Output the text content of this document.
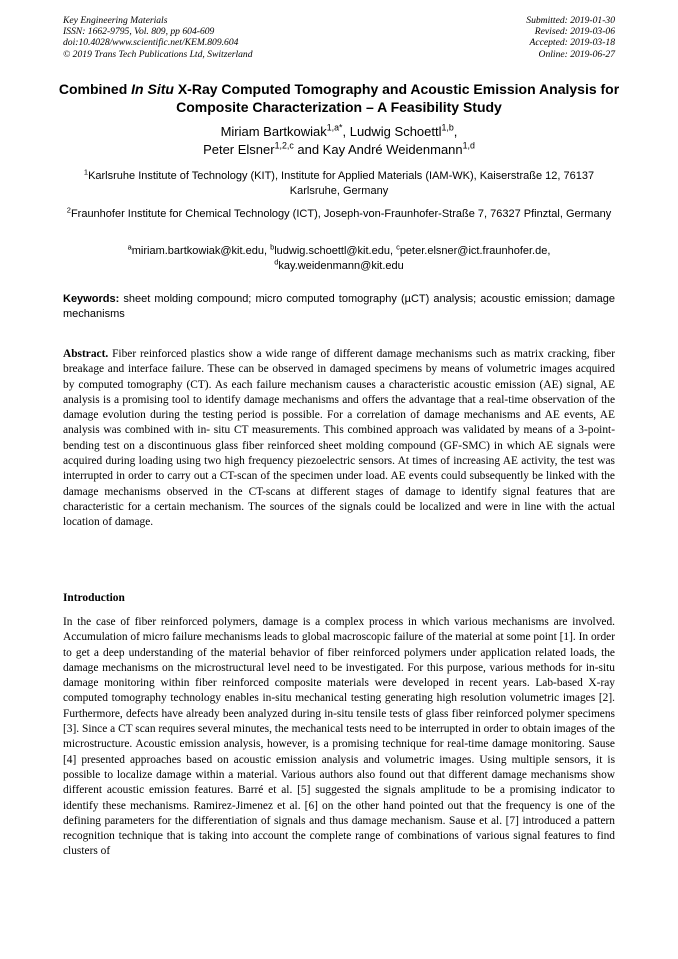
Key Engineering Materials
ISSN: 1662-9795, Vol. 809, pp 604-609
doi:10.4028/www.scientific.net/KEM.809.604
© 2019 Trans Tech Publications Ltd, Switzerland
Submitted: 2019-01-30
Revised: 2019-03-06
Accepted: 2019-03-18
Online: 2019-06-27
Combined In Situ X-Ray Computed Tomography and Acoustic Emission Analysis for Composite Characterization – A Feasibility Study
Miriam Bartkowiak$^{1,a*}$, Ludwig Schoettl$^{1,b}$,
Peter Elsner$^{1,2,c}$ and Kay André Weidenmann$^{1,d}$
$^1$Karlsruhe Institute of Technology (KIT), Institute for Applied Materials (IAM-WK), Kaiserstraße 12, 76137 Karlsruhe, Germany
$^2$Fraunhofer Institute for Chemical Technology (ICT), Joseph-von-Fraunhofer-Straße 7, 76327 Pfinztal, Germany
$^a$miriam.bartkowiak@kit.edu, $^b$ludwig.schoettl@kit.edu, $^c$peter.elsner@ict.fraunhofer.de,
$^d$kay.weidenmann@kit.edu
Keywords: sheet molding compound; micro computed tomography (µCT) analysis; acoustic emission; damage mechanisms

Abstract. Fiber reinforced plastics show a wide range of different damage mechanisms such as matrix cracking, fiber breakage and interface failure. These can be observed in damaged specimens by means of volumetric images acquired by computed tomography (CT). As each failure mechanism causes a characteristic acoustic emission (AE) signal, AE analysis is a promising tool to identify damage mechanisms and offers the advantage that a real-time observation of the damage evolution during the testing period is possible. For a correlation of damage mechanisms and AE events, AE analysis was combined with in- situ CT measurements. This combined approach was validated by means of a 3-point-bending test on a discontinuous glass fiber reinforced sheet molding compound (GF-SMC) in which AE signals were acquired during loading using two high frequency piezoelectric sensors. At times of increasing AE activity, the test was interrupted in order to carry out a CT-scan of the specimen under load. AE events could subsequently be linked with the damage mechanisms observed in the CT-scans at different stages of damage to identify signal features that are characteristic for a certain mechanism. The sources of the signals could be localized and were in line with the actual location of damage.

Introduction

In the case of fiber reinforced polymers, damage is a complex process in which various mechanisms are involved. Accumulation of micro failure mechanisms leads to global macroscopic failure of the material at some point [1]. In order to get a deep understanding of the material behavior of fiber reinforced polymers under application related loads, the damage mechanisms on the microstructural level need to be investigated. For this purpose, various methods for in-situ damage monitoring within fiber reinforced composite materials were developed in recent years. Lab-based X-ray computed tomography technology enables in-situ mechanical testing generating high resolution volumetric images [2]. Furthermore, defects have already been analyzed during in-situ tensile tests of glass fiber reinforced polymer specimens [3]. Since a CT scan requires several minutes, the mechanical tests need to be interrupted in order to obtain images of the microstructure. Acoustic emission analysis, however, is a promising technique for real-time damage monitoring. Sause [4] presented approaches based on acoustic emission analysis and volumetric images. Using multiple sensors, it is possible to localize damage within a material. Various authors also found out that different damage mechanisms show different acoustic emission features. Barré et al. [5] suggested the signals amplitude to be a promising indicator to identify these mechanisms. Ramirez-Jimenez et al. [6] on the other hand pointed out that the frequency is one of the defining parameters for the differentiation of signals and thus damage mechanism. Sause et al. [7] introduced a pattern recognition technique that is taking into account the complete range of combinations of various signal features to find clusters of
